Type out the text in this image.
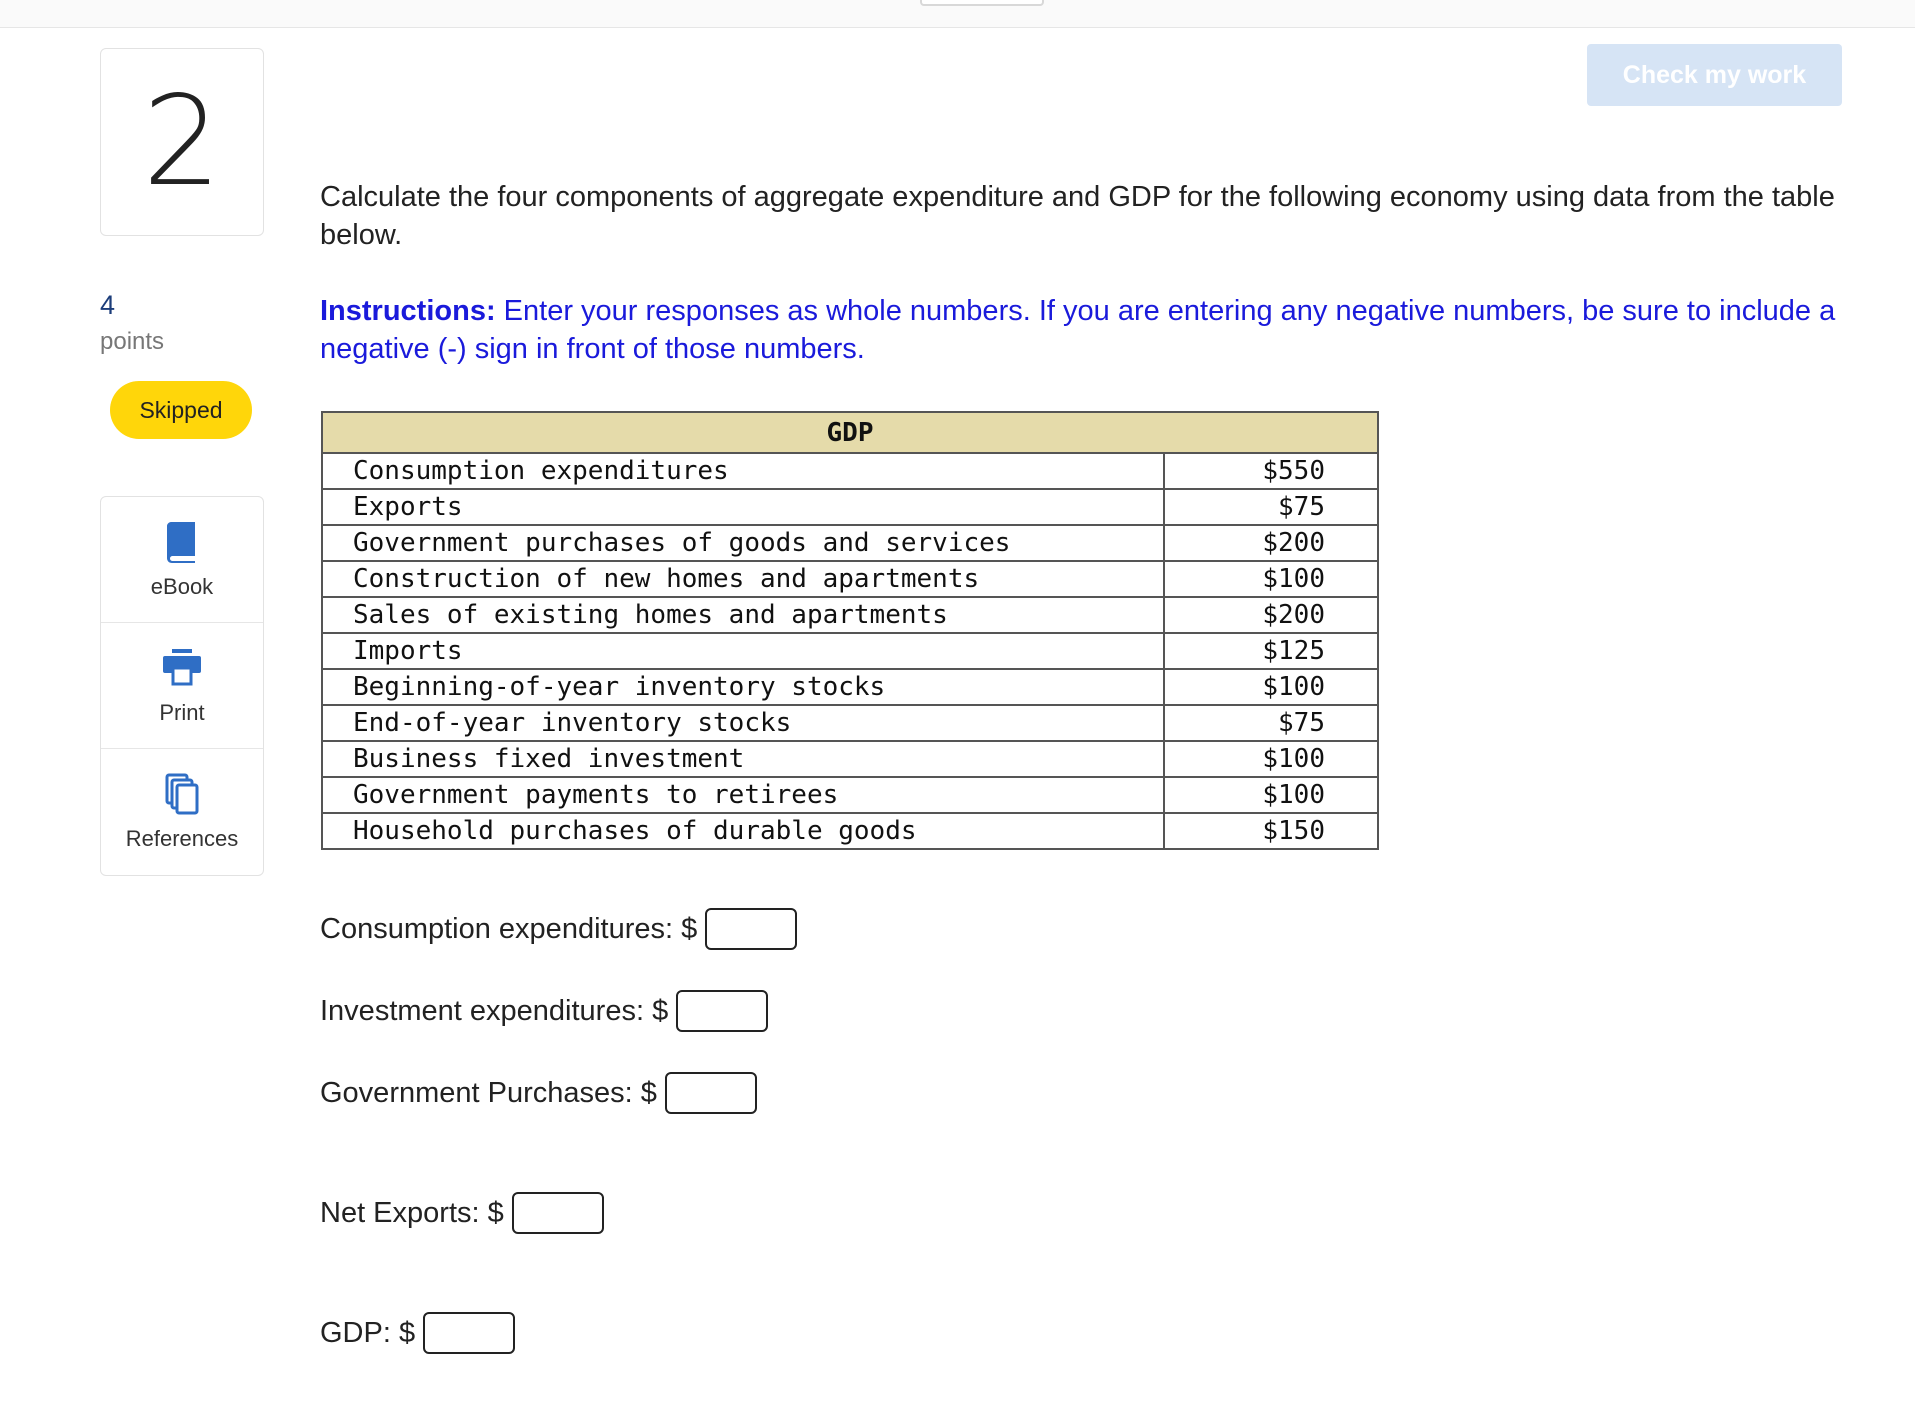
2
4
points
Skipped
eBook
Print
References
Check my work
Calculate the four components of aggregate expenditure and GDP for the following economy using data from the table below.
Instructions: Enter your responses as whole numbers. If you are entering any negative numbers, be sure to include a negative (-) sign in front of those numbers.
GDP	
Consumption expenditures	$550
Exports	$75
Government purchases of goods and services	$200
Construction of new homes and apartments	$100
Sales of existing homes and apartments	$200
Imports	$125
Beginning-of-year inventory stocks	$100
End-of-year inventory stocks	$75
Business fixed investment	$100
Government payments to retirees	$100
Household purchases of durable goods	$150
Consumption expenditures: $
Investment expenditures: $
Government Purchases: $
Net Exports: $
GDP: $
